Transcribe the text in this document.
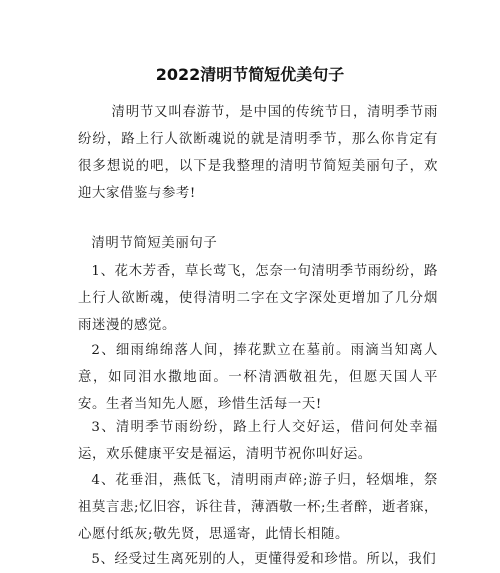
2022清明节简短优美句子

清明节又叫春游节，是中国的传统节日，清明季节雨纷纷，路上行人欲断魂说的就是清明季节，那么你肯定有很多想说的吧，以下是我整理的清明节简短美丽句子，欢迎大家借鉴与参考!

清明节简短美丽句子

1、花木芳香，草长莺飞，怎奈一句清明季节雨纷纷，路上行人欲断魂，使得清明二字在文字深处更增加了几分烟雨迷漫的感觉。

2、细雨绵绵落人间，捧花默立在墓前。雨滴当知离人意，如同泪水撒地面。一杯清洒敬祖先，但愿天国人平安。生者当知先人愿，珍惜生活每一天!

3、清明季节雨纷纷，路上行人交好运，借问何处幸福运，欢乐健康平安是福运，清明节祝你叫好运。

4、花垂泪，燕低飞，清明雨声碎;游子归，轻烟堆，祭祖莫言悲;忆旧容，诉往昔，薄酒敬一杯;生者醉，逝者寐，心愿付纸灰;敬先贤，思遥寄，此情长相随。

5、经受过生离死别的人，更懂得爱和珍惜。所以，我们
